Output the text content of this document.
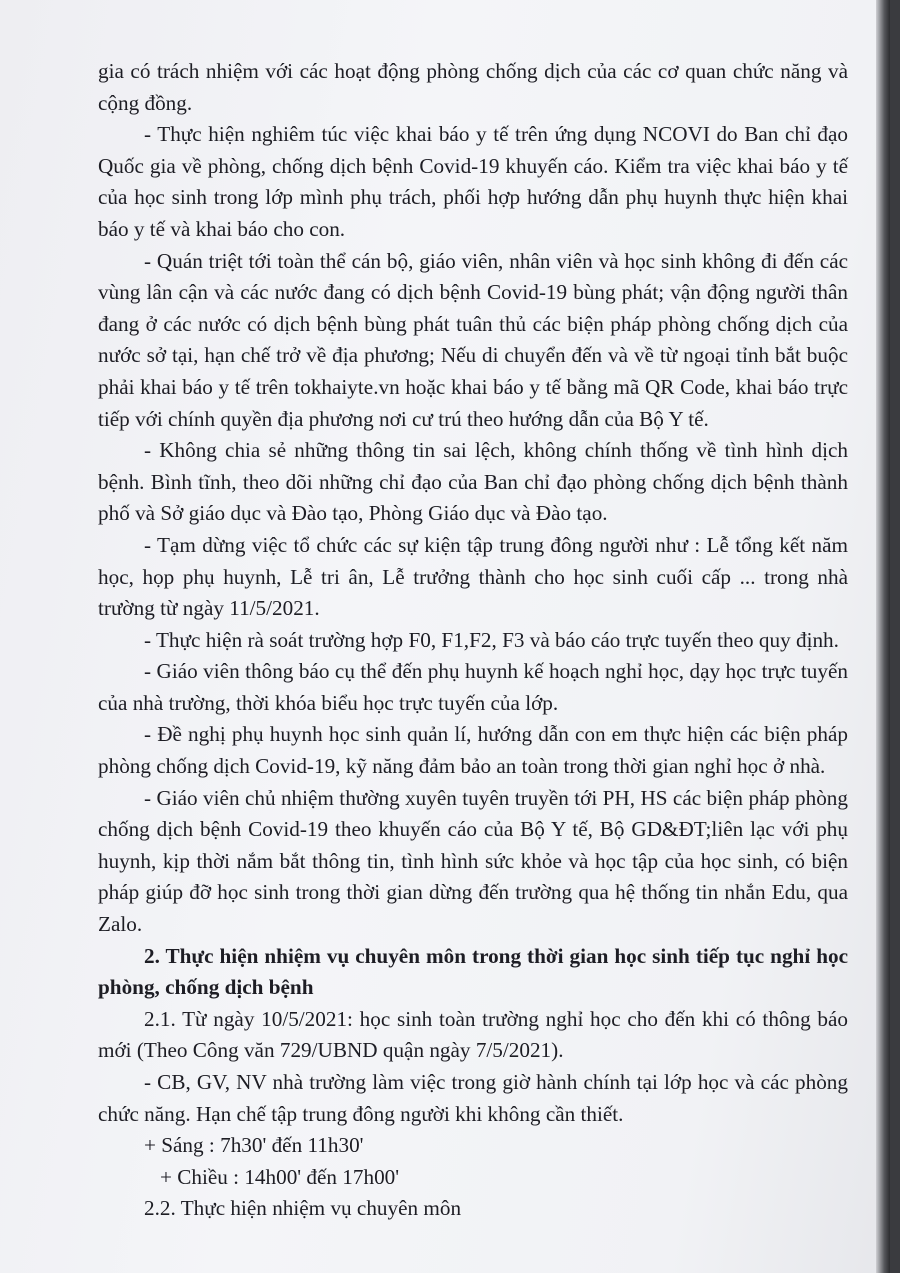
gia có trách nhiệm với các hoạt động phòng chống dịch của các cơ quan chức năng và cộng đồng.

- Thực hiện nghiêm túc việc khai báo y tế trên ứng dụng NCOVI do Ban chỉ đạo Quốc gia về phòng, chống dịch bệnh Covid-19 khuyến cáo. Kiểm tra việc khai báo y tế của học sinh trong lớp mình phụ trách, phối hợp hướng dẫn phụ huynh thực hiện khai báo y tế và khai báo cho con.

- Quán triệt tới toàn thể cán bộ, giáo viên, nhân viên và học sinh không đi đến các vùng lân cận và các nước đang có dịch bệnh Covid-19 bùng phát; vận động người thân đang ở các nước có dịch bệnh bùng phát tuân thủ các biện pháp phòng chống dịch của nước sở tại, hạn chế trở về địa phương; Nếu di chuyển đến và về từ ngoại tỉnh bắt buộc phải khai báo y tế trên tokhaiyte.vn hoặc khai báo y tế bằng mã QR Code, khai báo trực tiếp với chính quyền địa phương nơi cư trú theo hướng dẫn của Bộ Y tế.

- Không chia sẻ những thông tin sai lệch, không chính thống về tình hình dịch bệnh. Bình tĩnh, theo dõi những chỉ đạo của Ban chỉ đạo phòng chống dịch bệnh thành phố và Sở giáo dục và Đào tạo, Phòng Giáo dục và Đào tạo.

- Tạm dừng việc tổ chức các sự kiện tập trung đông người như : Lễ tổng kết năm học, họp phụ huynh, Lễ tri ân, Lễ trưởng thành cho học sinh cuối cấp ... trong nhà trường từ ngày 11/5/2021.

- Thực hiện rà soát trường hợp F0, F1,F2, F3 và báo cáo trực tuyến theo quy định.

- Giáo viên thông báo cụ thể đến phụ huynh kế hoạch nghỉ học, dạy học trực tuyến của nhà trường, thời khóa biểu học trực tuyến của lớp.

- Đề nghị phụ huynh học sinh quản lí, hướng dẫn con em thực hiện các biện pháp phòng chống dịch Covid-19, kỹ năng đảm bảo an toàn trong thời gian nghỉ học ở nhà.

- Giáo viên chủ nhiệm thường xuyên tuyên truyền tới PH, HS các biện pháp phòng chống dịch bệnh Covid-19 theo khuyến cáo của Bộ Y tế, Bộ GD&ĐT;liên lạc với phụ huynh, kịp thời nắm bắt thông tin, tình hình sức khỏe và học tập của học sinh, có biện pháp giúp đỡ học sinh trong thời gian dừng đến trường qua hệ thống tin nhắn Edu, qua Zalo.

2. Thực hiện nhiệm vụ chuyên môn trong thời gian học sinh tiếp tục nghỉ học phòng, chống dịch bệnh

2.1. Từ ngày 10/5/2021: học sinh toàn trường nghỉ học cho đến khi có thông báo mới (Theo Công văn 729/UBND quận ngày 7/5/2021).

- CB, GV, NV nhà trường làm việc trong giờ hành chính tại lớp học và các phòng chức năng. Hạn chế tập trung đông người khi không cần thiết.

+ Sáng : 7h30' đến 11h30'

+ Chiều : 14h00' đến 17h00'

2.2. Thực hiện nhiệm vụ chuyên môn
